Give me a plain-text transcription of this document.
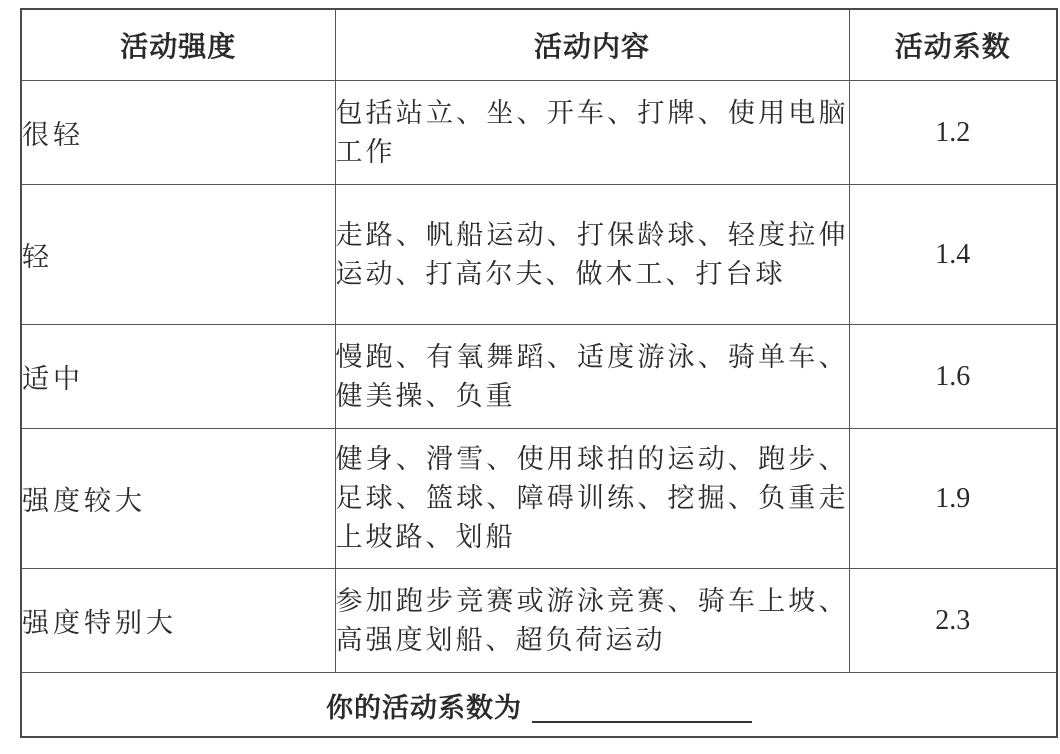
活动强度	活动内容	活动系数
很轻	包括站立、坐、开车、打牌、使用电脑工作	1.2
轻	走路、帆船运动、打保龄球、轻度拉伸运动、打高尔夫、做木工、打台球	1.4
适中	慢跑、有氧舞蹈、适度游泳、骑单车、健美操、负重	1.6
强度较大	健身、滑雪、使用球拍的运动、跑步、足球、篮球、障碍训练、挖掘、负重走上坡路、划船	1.9
强度特别大	参加跑步竞赛或游泳竞赛、骑车上坡、高强度划船、超负荷运动	2.3
你的活动系数为		
